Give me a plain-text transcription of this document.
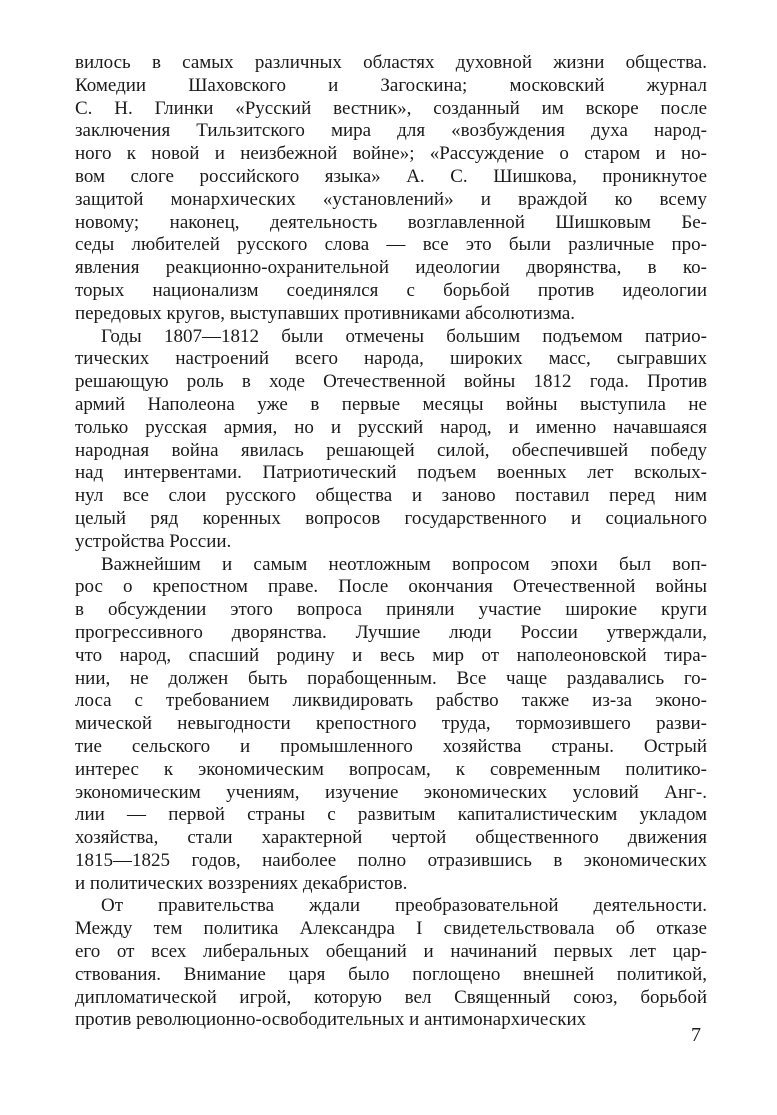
вилось в самых различных областях духовной жизни общества.
Комедии Шаховского и Загоскина; московский журнал
С. Н. Глинки «Русский вестник», созданный им вскоре после
заключения Тильзитского мира для «возбуждения духа народ-
ного к новой и неизбежной войне»; «Рассуждение о старом и но-
вом слоге российского языка» А. С. Шишкова, проникнутое
защитой монархических «установлений» и враждой ко всему
новому; наконец, деятельность возглавленной Шишковым Бе-
седы любителей русского слова — все это были различные про-
явления реакционно-охранительной идеологии дворянства, в ко-
торых национализм соединялся с борьбой против идеологии
передовых кругов, выступавших противниками абсолютизма.
Годы 1807—1812 были отмечены большим подъемом патрио-
тических настроений всего народа, широких масс, сыгравших
решающую роль в ходе Отечественной войны 1812 года. Против
армий Наполеона уже в первые месяцы войны выступила не
только русская армия, но и русский народ, и именно начавшаяся
народная война явилась решающей силой, обеспечившей победу
над интервентами. Патриотический подъем военных лет всколых-
нул все слои русского общества и заново поставил перед ним
целый ряд коренных вопросов государственного и социального
устройства России.
Важнейшим и самым неотложным вопросом эпохи был воп-
рос о крепостном праве. После окончания Отечественной войны
в обсуждении этого вопроса приняли участие широкие круги
прогрессивного дворянства. Лучшие люди России утверждали,
что народ, спасший родину и весь мир от наполеоновской тира-
нии, не должен быть порабощенным. Все чаще раздавались го-
лоса с требованием ликвидировать рабство также из-за эконо-
мической невыгодности крепостного труда, тормозившего разви-
тие сельского и промышленного хозяйства страны. Острый
интерес к экономическим вопросам, к современным политико-
экономическим учениям, изучение экономических условий Анг-.
лии — первой страны с развитым капиталистическим укладом
хозяйства, стали характерной чертой общественного движения
1815—1825 годов, наиболее полно отразившись в экономических
и политических воззрениях декабристов.
От правительства ждали преобразовательной деятельности.
Между тем политика Александра I свидетельствовала об отказе
его от всех либеральных обещаний и начинаний первых лет цар-
ствования. Внимание царя было поглощено внешней политикой,
дипломатической игрой, которую вел Священный союз, борьбой
против революционно-освободительных и антимонархических
7
